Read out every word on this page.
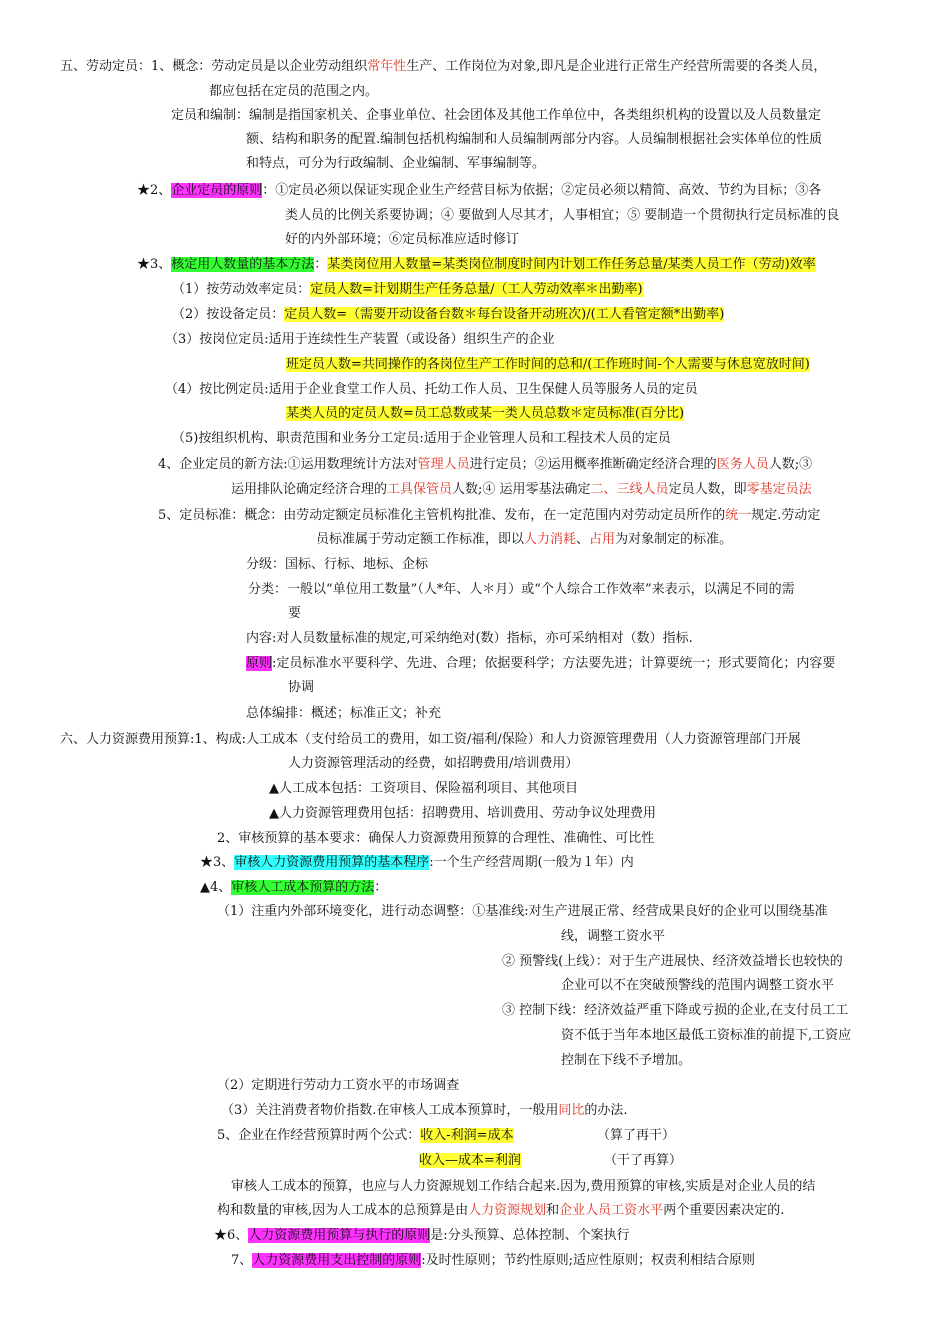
五、劳动定员：1、概念：劳动定员是以企业劳动组织常年性生产、工作岗位为对象,即凡是企业进行正常生产经营所需要的各类人员，
都应包括在定员的范围之内。
定员和编制：编制是指国家机关、企事业单位、社会团体及其他工作单位中，各类组织机构的设置以及人员数量定
额、结构和职务的配置.编制包括机构编制和人员编制两部分内容。人员编制根据社会实体单位的性质
和特点，可分为行政编制、企业编制、军事编制等。
★2、企业定员的原则：①定员必须以保证实现企业生产经营目标为依据；②定员必须以精简、高效、节约为目标；③各
类人员的比例关系要协调；④ 要做到人尽其才，人事相宜；⑤ 要制造一个贯彻执行定员标准的良
好的内外部环境；⑥定员标准应适时修订
★3、核定用人数量的基本方法：某类岗位用人数量=某类岗位制度时间内计划工作任务总量/某类人员工作（劳动)效率
（1）按劳动效率定员：定员人数=计划期生产任务总量/（工人劳动效率＊出勤率)
（2）按设备定员：定员人数=（需要开动设备台数＊每台设备开动班次)/(工人看管定额*出勤率)
（3）按岗位定员:适用于连续性生产装置（或设备）组织生产的企业
班定员人数=共同操作的各岗位生产工作时间的总和/(工作班时间-个人需要与休息宽放时间)
（4）按比例定员:适用于企业食堂工作人员、托幼工作人员、卫生保健人员等服务人员的定员
某类人员的定员人数=员工总数或某一类人员总数＊定员标准(百分比)
（5)按组织机构、职责范围和业务分工定员:适用于企业管理人员和工程技术人员的定员
4、企业定员的新方法:①运用数理统计方法对管理人员进行定员；②运用概率推断确定经济合理的医务人员人数;③
运用排队论确定经济合理的工具保管员人数;④ 运用零基法确定二、三线人员定员人数，即零基定员法
5、定员标准：概念：由劳动定额定员标准化主管机构批准、发布，在一定范围内对劳动定员所作的统一规定.劳动定
员标准属于劳动定额工作标准，即以人力消耗、占用为对象制定的标准。
分级：国标、行标、地标、企标
分类：一般以“单位用工数量”（人*年、人＊月）或“个人综合工作效率”来表示，以满足不同的需
要
内容:对人员数量标准的规定,可采纳绝对(数）指标，亦可采纳相对（数）指标.
原则:定员标准水平要科学、先进、合理；依据要科学；方法要先进；计算要统一；形式要简化；内容要
协调
总体编排：概述；标准正文；补充
六、人力资源费用预算:1、构成:人工成本（支付给员工的费用，如工资/福利/保险）和人力资源管理费用（人力资源管理部门开展
人力资源管理活动的经费，如招聘费用/培训费用）
▲人工成本包括：工资项目、保险福利项目、其他项目
▲人力资源管理费用包括：招聘费用、培训费用、劳动争议处理费用
2、审核预算的基本要求：确保人力资源费用预算的合理性、准确性、可比性
★3、审核人力资源费用预算的基本程序:一个生产经营周期(一般为１年）内
▲4、审核人工成本预算的方法：
（1）注重内外部环境变化，进行动态调整：①基准线:对生产进展正常、经营成果良好的企业可以围绕基准
线，调整工资水平
② 预警线(上线）：对于生产进展快、经济效益增长也较快的
企业可以不在突破预警线的范围内调整工资水平
③ 控制下线：经济效益严重下降或亏损的企业,在支付员工工
资不低于当年本地区最低工资标准的前提下,工资应
控制在下线不予增加。
（2）定期进行劳动力工资水平的市场调查
（3）关注消费者物价指数.在审核人工成本预算时，一般用同比的办法.
5、企业在作经营预算时两个公式：收入-利润=成本	（算了再干）
收入—成本=利润	（干了再算）
审核人工成本的预算，也应与人力资源规划工作结合起来.因为,费用预算的审核,实质是对企业人员的结
构和数量的审核,因为人工成本的总预算是由人力资源规划和企业人员工资水平两个重要因素决定的.
★6、人力资源费用预算与执行的原则是:分头预算、总体控制、个案执行
7、人力资源费用支出控制的原则:及时性原则；节约性原则;适应性原则；权责利相结合原则
